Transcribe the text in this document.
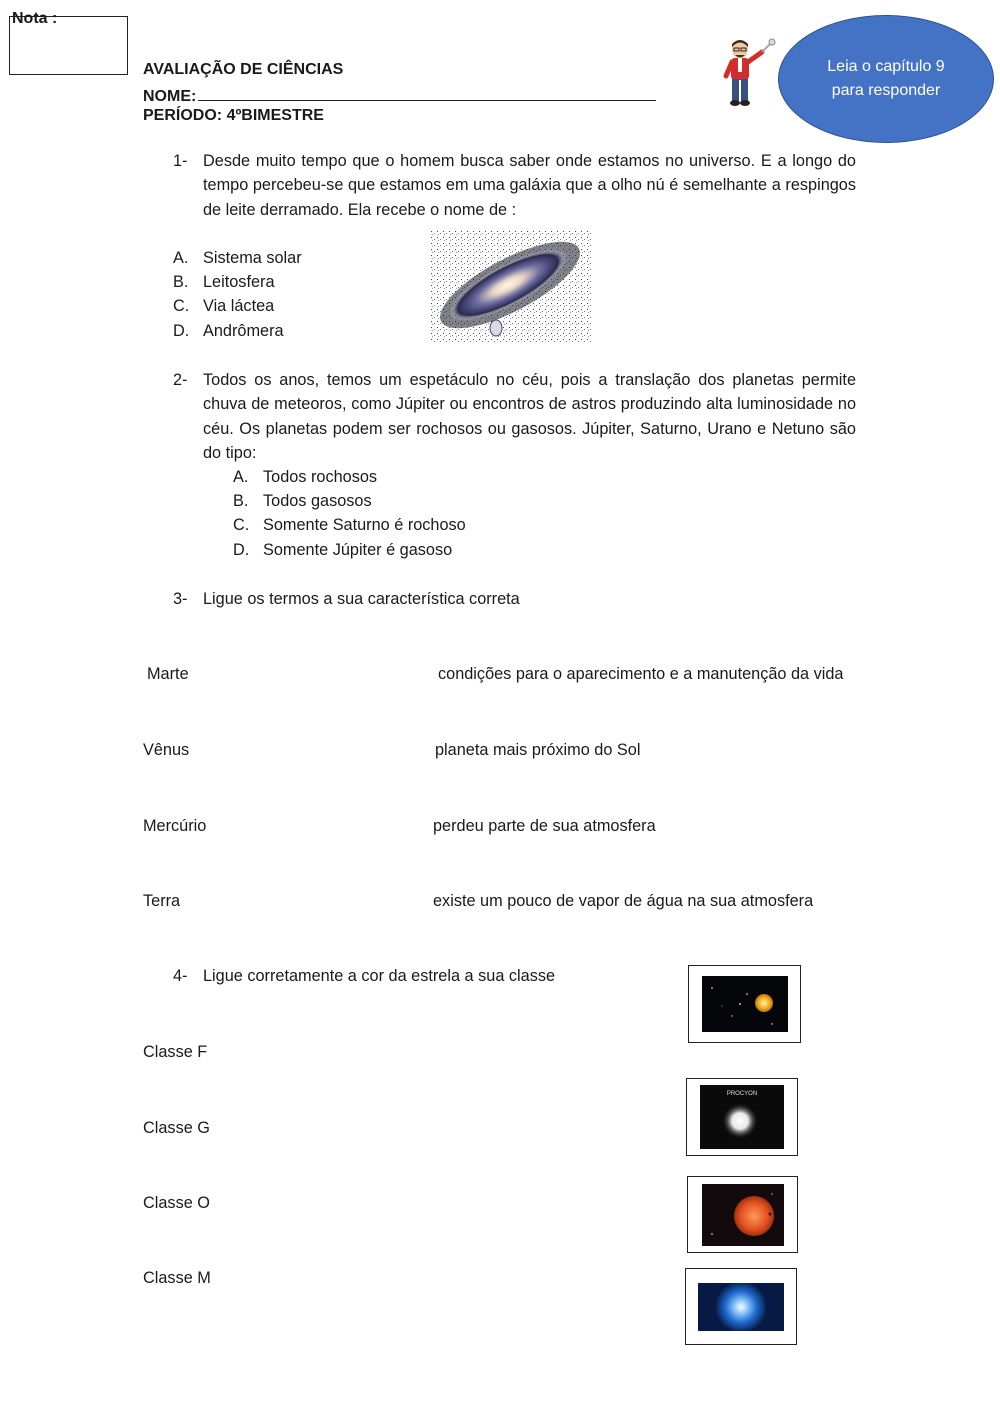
Nota :
AVALIAÇÃO DE CIÊNCIAS
NOME:
PERÍODO: 4ºBIMESTRE
Leia o capítulo 9
para responder
1- Desde muito tempo que o homem busca saber onde estamos no universo. E a longo do tempo percebeu-se que estamos em uma galáxia que a olho nú é semelhante a respingos de leite derramado. Ela recebe o nome de :
A. Sistema solar
B. Leitosfera
C. Via láctea
D. Andrômera
2- Todos os anos, temos um espetáculo no céu, pois a translação dos planetas permite chuva de meteoros, como Júpiter ou encontros de astros produzindo alta luminosidade no céu. Os planetas podem ser rochosos ou gasosos. Júpiter, Saturno, Urano e Netuno são do tipo:
A. Todos rochosos
B. Todos gasosos
C. Somente Saturno é rochoso
D. Somente Júpiter é gasoso
3- Ligue os termos a sua característica correta
Marte
Vênus
Mercúrio
Terra
condições para o aparecimento e a manutenção da vida
planeta mais próximo do Sol
perdeu parte de sua atmosfera
existe um pouco de vapor de água na sua atmosfera
4- Ligue corretamente a cor da estrela a sua classe
Classe F
Classe G
Classe O
Classe M
PROCYON
